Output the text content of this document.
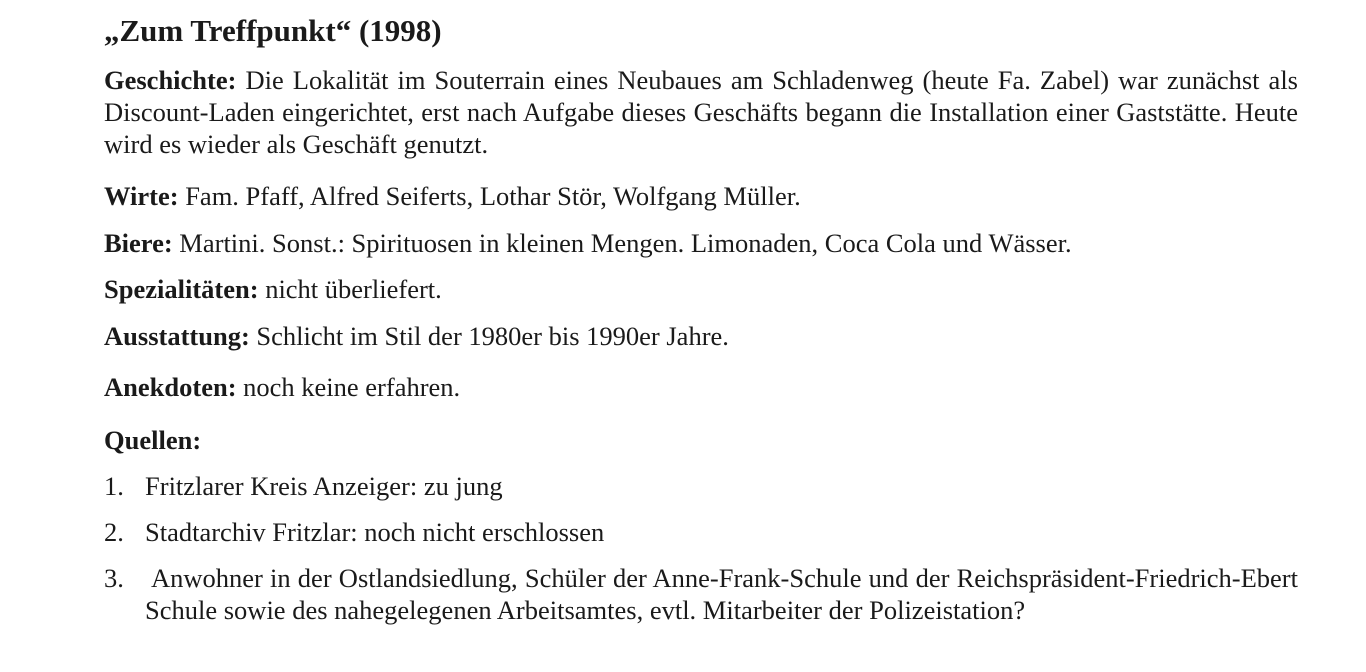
„Zum Treffpunkt“ (1998)

Geschichte: Die Lokalität im Souterrain eines Neubaues am Schladenweg (heute Fa. Zabel) war zunächst als Discount-Laden eingerichtet, erst nach Aufgabe dieses Geschäfts begann die Installation einer Gaststätte. Heute wird es wieder als Geschäft genutzt.

Wirte: Fam. Pfaff, Alfred Seiferts, Lothar Stör, Wolfgang Müller.

Biere: Martini. Sonst.: Spirituosen in kleinen Mengen. Limonaden, Coca Cola und Wässer.

Spezialitäten: nicht überliefert.

Ausstattung: Schlicht im Stil der 1980er bis 1990er Jahre.

Anekdoten: noch keine erfahren.

Quellen:

1. Fritzlarer Kreis Anzeiger: zu jung
2. Stadtarchiv Fritzlar: noch nicht erschlossen
3. Anwohner in der Ostlandsiedlung, Schüler der Anne-Frank-Schule und der Reichspräsident-Friedrich-Ebert Schule sowie des nahegelegenen Arbeitsamtes, evtl. Mitarbeiter der Polizeistation?
